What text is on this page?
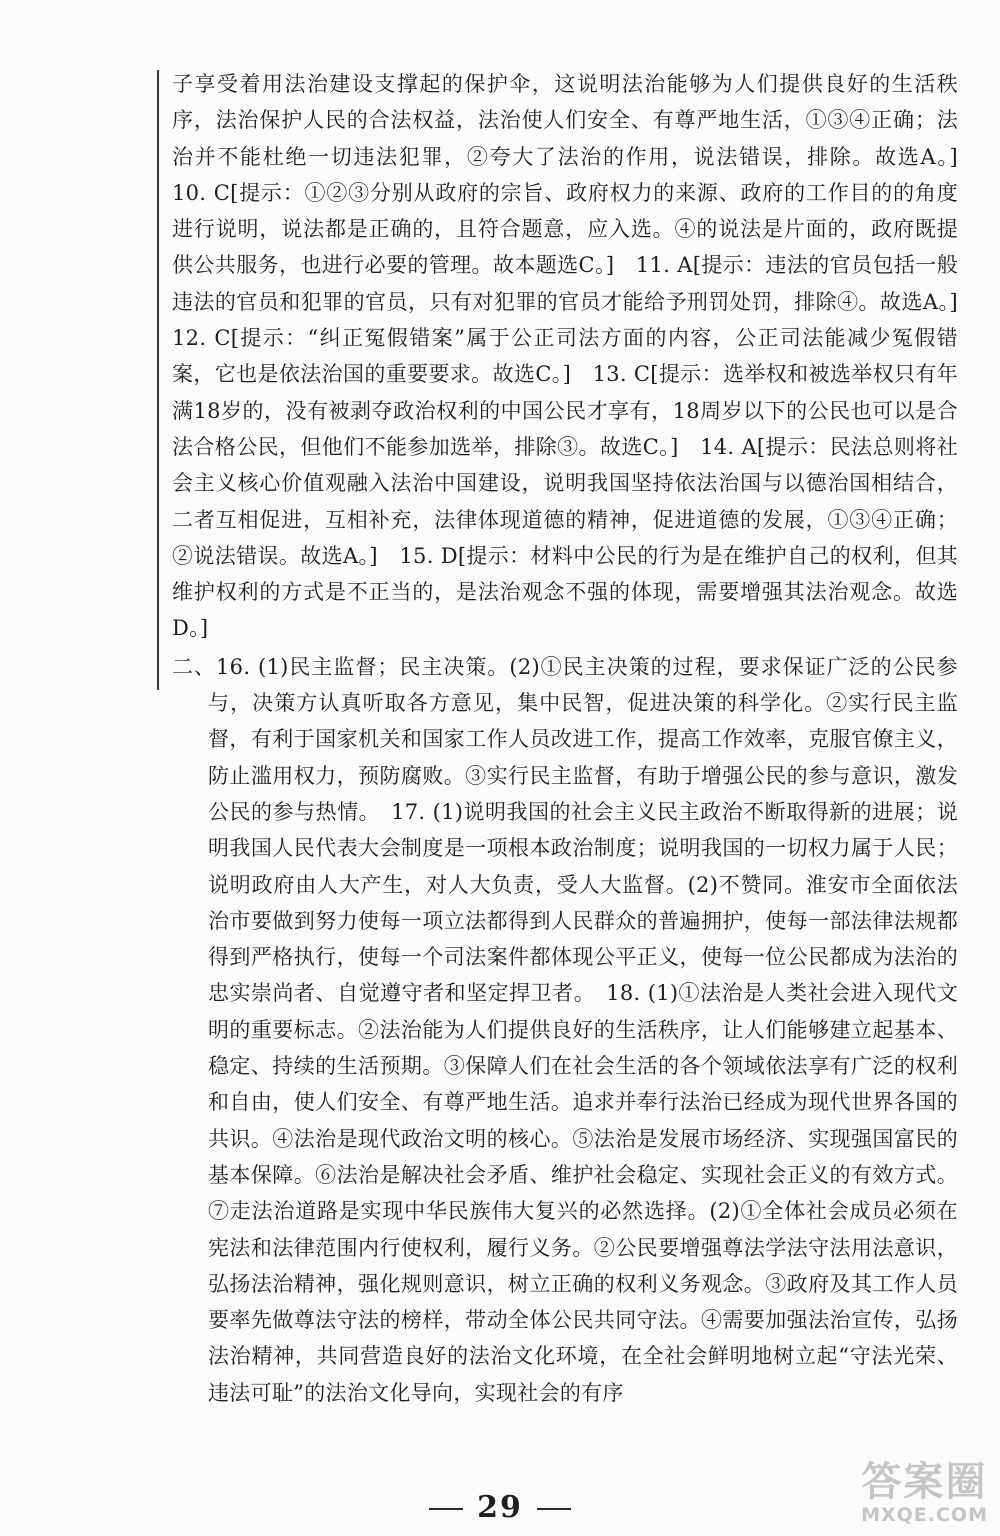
子享受着用法治建设支撑起的保护伞，这说明法治能够为人们提供良好的生活秩序，法治保护人民的合法权益，法治使人们安全、有尊严地生活，①③④正确；法治并不能杜绝一切违法犯罪，②夸大了法治的作用，说法错误，排除。故选A。]　10. C[提示：①②③分别从政府的宗旨、政府权力的来源、政府的工作目的的角度进行说明，说法都是正确的，且符合题意，应入选。④的说法是片面的，政府既提供公共服务，也进行必要的管理。故本题选C。]　11. A[提示：违法的官员包括一般违法的官员和犯罪的官员，只有对犯罪的官员才能给予刑罚处罚，排除④。故选A。]　12. C[提示：“纠正冤假错案”属于公正司法方面的内容，公正司法能减少冤假错案，它也是依法治国的重要要求。故选C。]　13. C[提示：选举权和被选举权只有年满18岁的，没有被剥夺政治权利的中国公民才享有，18周岁以下的公民也可以是合法合格公民，但他们不能参加选举，排除③。故选C。]　14. A[提示：民法总则将社会主义核心价值观融入法治中国建设，说明我国坚持依法治国与以德治国相结合，二者互相促进，互相补充，法律体现道德的精神，促进道德的发展，①③④正确；②说法错误。故选A。]　15. D[提示：材料中公民的行为是在维护自己的权利，但其维护权利的方式是不正当的，是法治观念不强的体现，需要增强其法治观念。故选D。]

二、16. (1)民主监督；民主决策。(2)①民主决策的过程，要求保证广泛的公民参与，决策方认真听取各方意见，集中民智，促进决策的科学化。②实行民主监督，有利于国家机关和国家工作人员改进工作，提高工作效率，克服官僚主义，防止滥用权力，预防腐败。③实行民主监督，有助于增强公民的参与意识，激发公民的参与热情。　17. (1)说明我国的社会主义民主政治不断取得新的进展；说明我国人民代表大会制度是一项根本政治制度；说明我国的一切权力属于人民；说明政府由人大产生，对人大负责，受人大监督。(2)不赞同。淮安市全面依法治市要做到努力使每一项立法都得到人民群众的普遍拥护，使每一部法律法规都得到严格执行，使每一个司法案件都体现公平正义，使每一位公民都成为法治的忠实崇尚者、自觉遵守者和坚定捍卫者。　18. (1)①法治是人类社会进入现代文明的重要标志。②法治能为人们提供良好的生活秩序，让人们能够建立起基本、稳定、持续的生活预期。③保障人们在社会生活的各个领域依法享有广泛的权利和自由，使人们安全、有尊严地生活。追求并奉行法治已经成为现代世界各国的共识。④法治是现代政治文明的核心。⑤法治是发展市场经济、实现强国富民的基本保障。⑥法治是解决社会矛盾、维护社会稳定、实现社会正义的有效方式。⑦走法治道路是实现中华民族伟大复兴的必然选择。(2)①全体社会成员必须在宪法和法律范围内行使权利，履行义务。②公民要增强尊法学法守法用法意识，弘扬法治精神，强化规则意识，树立正确的权利义务观念。③政府及其工作人员要率先做尊法守法的榜样，带动全体公民共同守法。④需要加强法治宣传，弘扬法治精神，共同营造良好的法治文化环境，在全社会鲜明地树立起“守法光荣、违法可耻”的法治文化导向，实现社会的有序

29
答案圈
MXQE.COM
